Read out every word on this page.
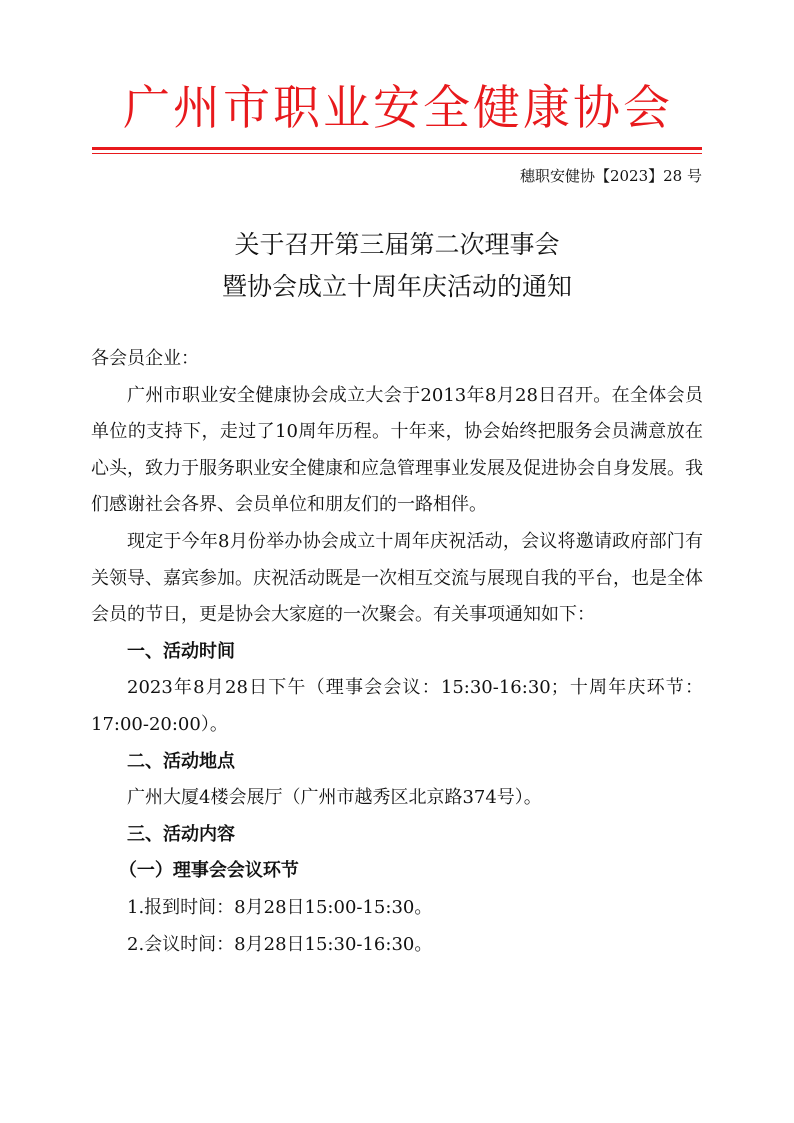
广州市职业安全健康协会
穗职安健协【2023】28 号
关于召开第三届第二次理事会
暨协会成立十周年庆活动的通知

各会员企业：

广州市职业安全健康协会成立大会于2013年8月28日召开。在全体会员单位的支持下，走过了10周年历程。十年来，协会始终把服务会员满意放在心头，致力于服务职业安全健康和应急管理事业发展及促进协会自身发展。我们感谢社会各界、会员单位和朋友们的一路相伴。

现定于今年8月份举办协会成立十周年庆祝活动，会议将邀请政府部门有关领导、嘉宾参加。庆祝活动既是一次相互交流与展现自我的平台，也是全体会员的节日，更是协会大家庭的一次聚会。有关事项通知如下：

一、活动时间

2023年8月28日下午（理事会会议：15:30-16:30；十周年庆环节：17:00-20:00）。

二、活动地点

广州大厦4楼会展厅（广州市越秀区北京路374号）。

三、活动内容

（一）理事会会议环节

1.报到时间：8月28日15:00-15:30。

2.会议时间：8月28日15:30-16:30。
